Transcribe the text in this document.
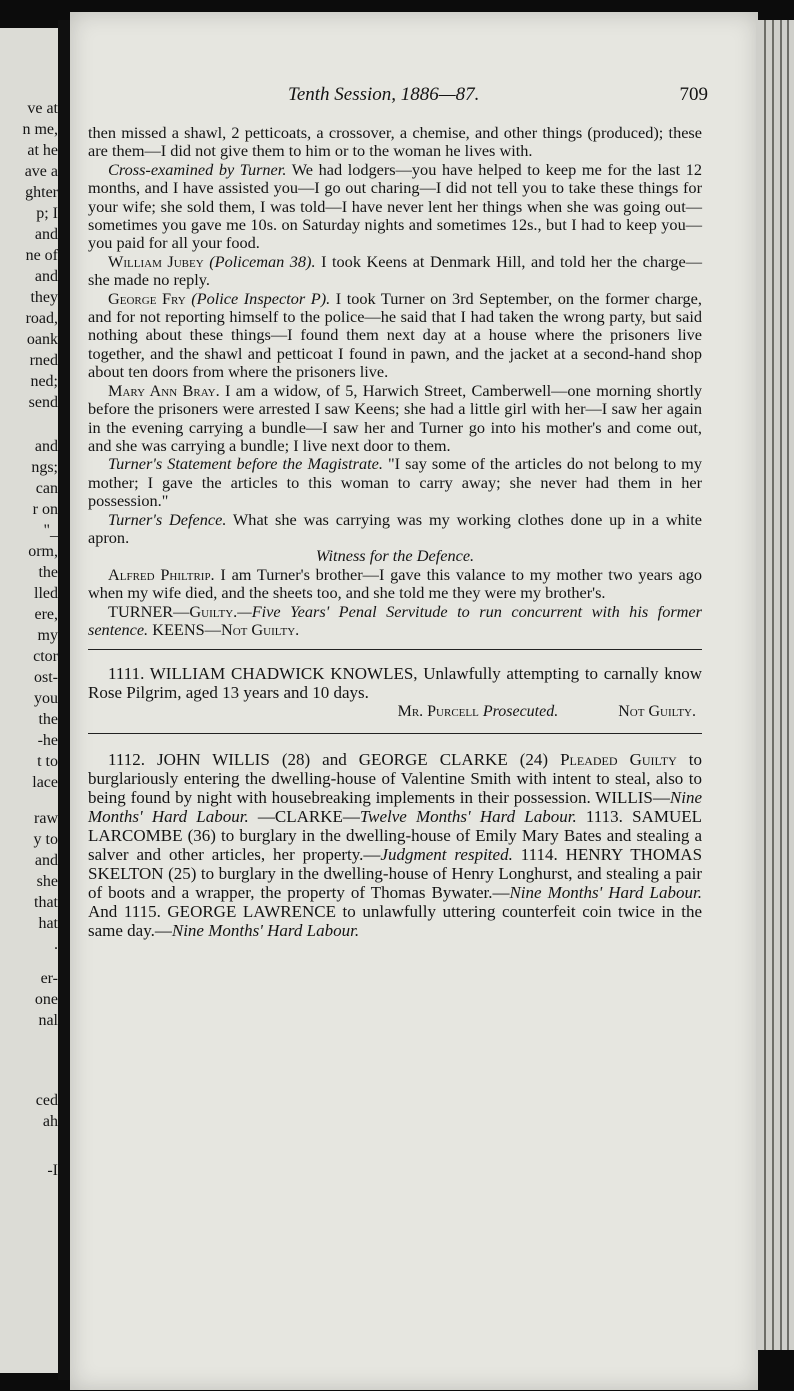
ve at
n me,
at he
ave a
ghter
p; I
and
ne of
and
they
road,
oank
rned
ned;
send
and
ngs;
can
r on
"_
orm,
the
lled
ere,
my
ctor
ost-
you
the
-he
t to
lace
raw
y to
and
she
that
hat
.
er-
one
nal
ced
ah
-I
Tenth Session, 1886—87.	709

then missed a shawl, 2 petticoats, a crossover, a chemise, and other things (produced); these are them—I did not give them to him or to the woman he lives with.

Cross-examined by Turner. We had lodgers—you have helped to keep me for the last 12 months, and I have assisted you—I go out charing—I did not tell you to take these things for your wife; she sold them, I was told—I have never lent her things when she was going out—sometimes you gave me 10s. on Saturday nights and sometimes 12s., but I had to keep you—you paid for all your food.

William Jubey (Policeman 38). I took Keens at Denmark Hill, and told her the charge—she made no reply.

George Fry (Police Inspector P). I took Turner on 3rd September, on the former charge, and for not reporting himself to the police—he said that I had taken the wrong party, but said nothing about these things—I found them next day at a house where the prisoners live together, and the shawl and petticoat I found in pawn, and the jacket at a second-hand shop about ten doors from where the prisoners live.

Mary Ann Bray. I am a widow, of 5, Harwich Street, Camberwell—one morning shortly before the prisoners were arrested I saw Keens; she had a little girl with her—I saw her again in the evening carrying a bundle—I saw her and Turner go into his mother's and come out, and she was carrying a bundle; I live next door to them.

Turner's Statement before the Magistrate. "I say some of the articles do not belong to my mother; I gave the articles to this woman to carry away; she never had them in her possession."

Turner's Defence. What she was carrying was my working clothes done up in a white apron.

Witness for the Defence.

Alfred Philtrip. I am Turner's brother—I gave this valance to my mother two years ago when my wife died, and the sheets too, and she told me they were my brother's.

TURNER—Guilty.—Five Years' Penal Servitude to run concurrent with his former sentence. KEENS—Not Guilty.

1111. WILLIAM CHADWICK KNOWLES, Unlawfully attempting to carnally know Rose Pilgrim, aged 13 years and 10 days.

Mr. Purcell Prosecuted.	Not Guilty.

1112. JOHN WILLIS (28) and GEORGE CLARKE (24) Pleaded Guilty to burglariously entering the dwelling-house of Valentine Smith with intent to steal, also to being found by night with housebreaking implements in their possession. WILLIS—Nine Months' Hard Labour. —CLARKE—Twelve Months' Hard Labour. 1113. SAMUEL LARCOMBE (36) to burglary in the dwelling-house of Emily Mary Bates and stealing a salver and other articles, her property.—Judgment respited. 1114. HENRY THOMAS SKELTON (25) to burglary in the dwelling-house of Henry Longhurst, and stealing a pair of boots and a wrapper, the property of Thomas Bywater.—Nine Months' Hard Labour. And 1115. GEORGE LAWRENCE to unlawfully uttering counterfeit coin twice in the same day.—Nine Months' Hard Labour.
